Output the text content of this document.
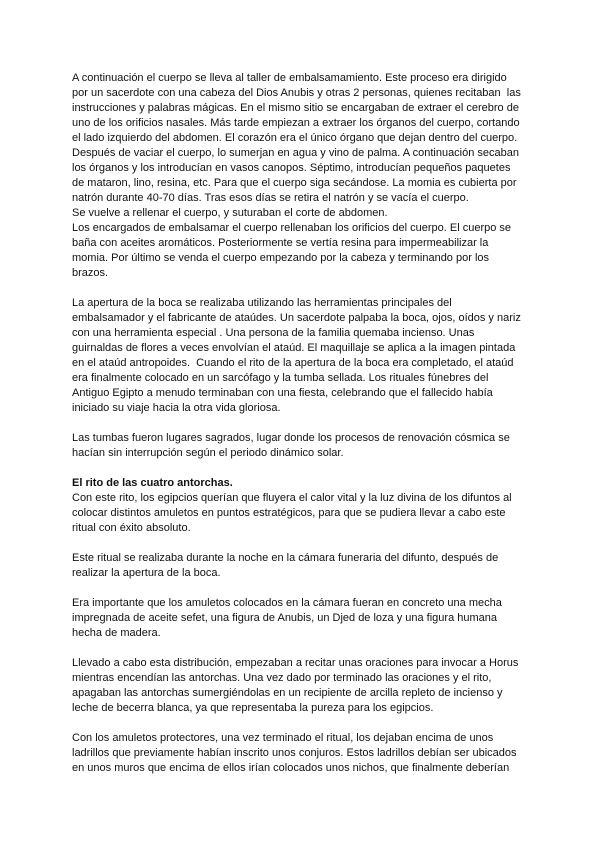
A continuación el cuerpo se lleva al taller de embalsamamiento. Este proceso era dirigido
por un sacerdote con una cabeza del Dios Anubis y otras 2 personas, quienes recitaban  las
instrucciones y palabras mágicas. En el mismo sitio se encargaban de extraer el cerebro de
uno de los orificios nasales. Más tarde empiezan a extraer los órganos del cuerpo, cortando
el lado izquierdo del abdomen. El corazón era el único órgano que dejan dentro del cuerpo.
Después de vaciar el cuerpo, lo sumerjan en agua y vino de palma. A continuación secaban
los órganos y los introducían en vasos canopos. Séptimo, introducían pequeños paquetes
de mataron, lino, resina, etc. Para que el cuerpo siga secándose. La momia es cubierta por
natrón durante 40-70 días. Tras esos días se retira el natrón y se vacía el cuerpo.
Se vuelve a rellenar el cuerpo, y suturaban el corte de abdomen.
Los encargados de embalsamar el cuerpo rellenaban los orificios del cuerpo. El cuerpo se
baña con aceites aromáticos. Posteriormente se vertía resina para impermeabilizar la
momia. Por último se venda el cuerpo empezando por la cabeza y terminando por los
brazos.
La apertura de la boca se realizaba utilizando las herramientas principales del
embalsamador y el fabricante de ataúdes. Un sacerdote palpaba la boca, ojos, oídos y nariz
con una herramienta especial . Una persona de la familia quemaba incienso. Unas
guirnaldas de flores a veces envolvían el ataúd. El maquillaje se aplica a la imagen pintada
en el ataúd antropoides.  Cuando el rito de la apertura de la boca era completado, el ataúd
era finalmente colocado en un sarcófago y la tumba sellada. Los rituales fúnebres del
Antiguo Egipto a menudo terminaban con una fiesta, celebrando que el fallecido había
iniciado su viaje hacia la otra vida gloriosa.
Las tumbas fueron lugares sagrados, lugar donde los procesos de renovación cósmica se
hacían sin interrupción según el periodo dinámico solar.
El rito de las cuatro antorchas.
Con este rito, los egipcios querían que fluyera el calor vital y la luz divina de los difuntos al
colocar distintos amuletos en puntos estratégicos, para que se pudiera llevar a cabo este
ritual con éxito absoluto.
Este ritual se realizaba durante la noche en la cámara funeraria del difunto, después de
realizar la apertura de la boca.
Era importante que los amuletos colocados en la cámara fueran en concreto una mecha
impregnada de aceite sefet, una figura de Anubis, un Djed de loza y una figura humana
hecha de madera.
Llevado a cabo esta distribución, empezaban a recitar unas oraciones para invocar a Horus
mientras encendían las antorchas. Una vez dado por terminado las oraciones y el rito,
apagaban las antorchas sumergiéndolas en un recipiente de arcilla repleto de incienso y
leche de becerra blanca, ya que representaba la pureza para los egipcios.
Con los amuletos protectores, una vez terminado el ritual, los dejaban encima de unos
ladrillos que previamente habían inscrito unos conjuros. Estos ladrillos debían ser ubicados
en unos muros que encima de ellos irían colocados unos nichos, que finalmente deberían
